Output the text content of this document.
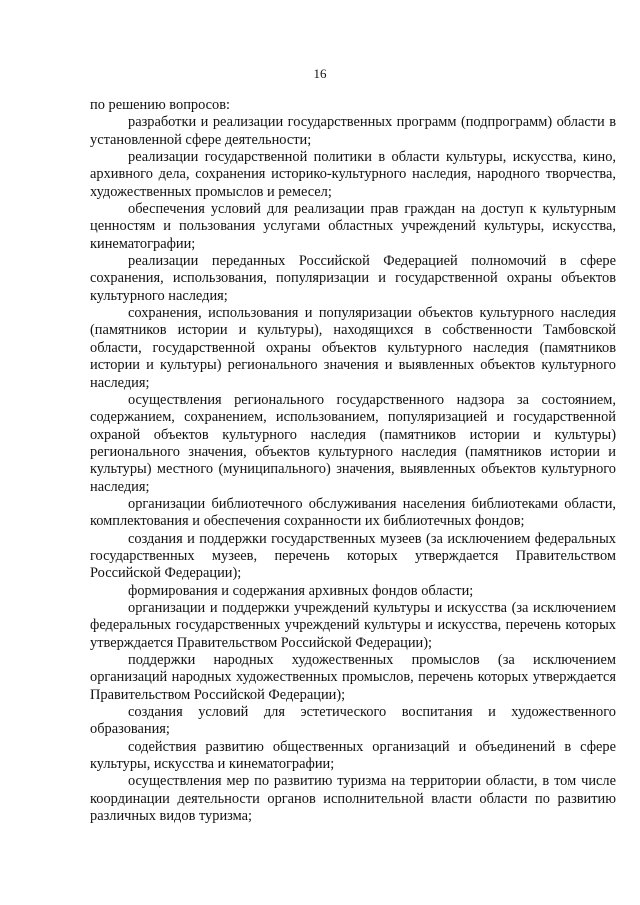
16

по решению вопросов:

разработки и реализации государственных программ (подпрограмм) области в установленной сфере деятельности;

реализации государственной политики в области культуры, искусства, кино, архивного дела, сохранения историко-культурного наследия, народного творчества, художественных промыслов и ремесел;

обеспечения условий для реализации прав граждан на доступ к культурным ценностям и пользования услугами областных учреждений культуры, искусства, кинематографии;

реализации переданных Российской Федерацией полномочий в сфере сохранения, использования, популяризации и государственной охраны объектов культурного наследия;

сохранения, использования и популяризации объектов культурного наследия (памятников истории и культуры), находящихся в собственности Тамбовской области, государственной охраны объектов культурного наследия (памятников истории и культуры) регионального значения и выявленных объектов культурного наследия;

осуществления регионального государственного надзора за состоянием, содержанием, сохранением, использованием, популяризацией и государственной охраной объектов культурного наследия (памятников истории и культуры) регионального значения, объектов культурного наследия (памятников истории и культуры) местного (муниципального) значения, выявленных объектов культурного наследия;

организации библиотечного обслуживания населения библиотеками области, комплектования и обеспечения сохранности их библиотечных фондов;

создания и поддержки государственных музеев (за исключением федеральных государственных музеев, перечень которых утверждается Правительством Российской Федерации);

формирования и содержания архивных фондов области;

организации и поддержки учреждений культуры и искусства (за исключением федеральных государственных учреждений культуры и искусства, перечень которых утверждается Правительством Российской Федерации);

поддержки народных художественных промыслов (за исключением организаций народных художественных промыслов, перечень которых утверждается Правительством Российской Федерации);

создания условий для эстетического воспитания и художественного образования;

содействия развитию общественных организаций и объединений в сфере культуры, искусства и кинематографии;

осуществления мер по развитию туризма на территории области, в том числе координации деятельности органов исполнительной власти области по развитию различных видов туризма;
